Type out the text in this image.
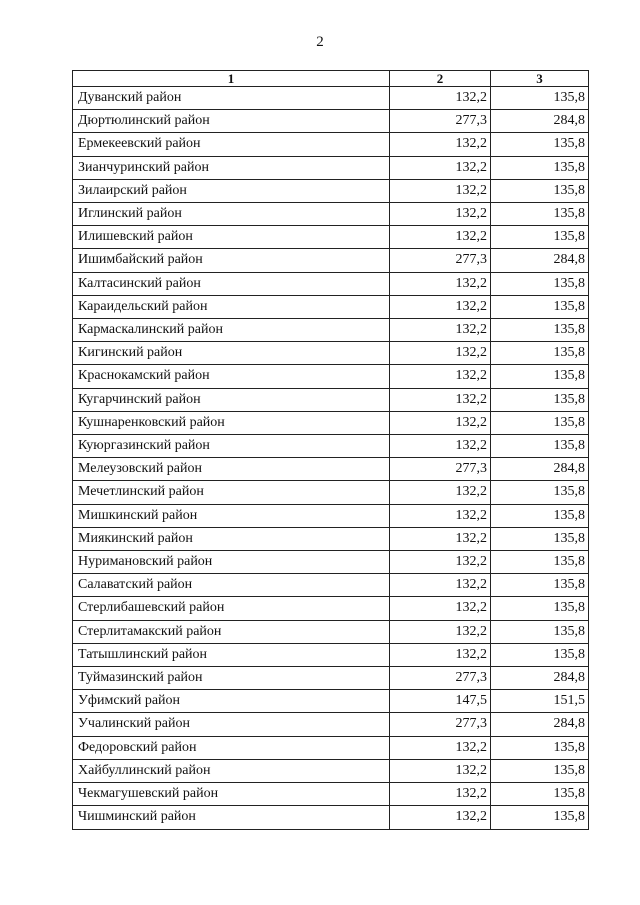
2
1	2	3
Дуванский район	132,2	135,8
Дюртюлинский район	277,3	284,8
Ермекеевский район	132,2	135,8
Зианчуринский район	132,2	135,8
Зилаирский район	132,2	135,8
Иглинский район	132,2	135,8
Илишевский район	132,2	135,8
Ишимбайский район	277,3	284,8
Калтасинский район	132,2	135,8
Караидельский район	132,2	135,8
Кармаскалинский район	132,2	135,8
Кигинский район	132,2	135,8
Краснокамский район	132,2	135,8
Кугарчинский район	132,2	135,8
Кушнаренковский район	132,2	135,8
Куюргазинский район	132,2	135,8
Мелеузовский район	277,3	284,8
Мечетлинский район	132,2	135,8
Мишкинский район	132,2	135,8
Миякинский район	132,2	135,8
Нуримановский район	132,2	135,8
Салаватский район	132,2	135,8
Стерлибашевский район	132,2	135,8
Стерлитамакский район	132,2	135,8
Татышлинский район	132,2	135,8
Туймазинский район	277,3	284,8
Уфимский район	147,5	151,5
Учалинский район	277,3	284,8
Федоровский район	132,2	135,8
Хайбуллинский район	132,2	135,8
Чекмагушевский район	132,2	135,8
Чишминский район	132,2	135,8
